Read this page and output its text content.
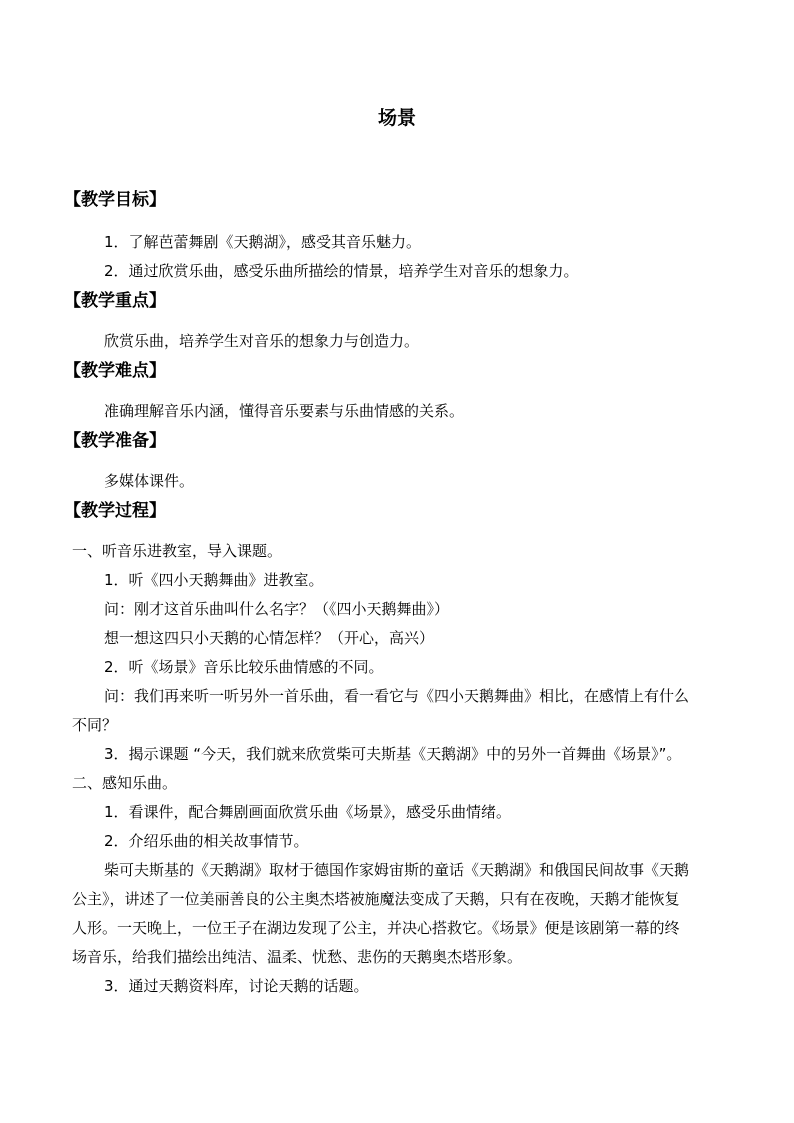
场景
【教学目标】
1．了解芭蕾舞剧《天鹅湖》，感受其音乐魅力。
2．通过欣赏乐曲，感受乐曲所描绘的情景，培养学生对音乐的想象力。
【教学重点】
欣赏乐曲，培养学生对音乐的想象力与创造力。
【教学难点】
准确理解音乐内涵，懂得音乐要素与乐曲情感的关系。
【教学准备】
多媒体课件。
【教学过程】
一、听音乐进教室，导入课题。
1．听《四小天鹅舞曲》进教室。
问：刚才这首乐曲叫什么名字？（《四小天鹅舞曲》）
想一想这四只小天鹅的心情怎样？（开心，高兴）
2．听《场景》音乐比较乐曲情感的不同。
问：我们再来听一听另外一首乐曲，看一看它与《四小天鹅舞曲》相比，在感情上有什么
不同？
3．揭示课题 “今天，我们就来欣赏柴可夫斯基《天鹅湖》中的另外一首舞曲《场景》”。
二、感知乐曲。
1．看课件，配合舞剧画面欣赏乐曲《场景》，感受乐曲情绪。
2．介绍乐曲的相关故事情节。
柴可夫斯基的《天鹅湖》取材于德国作家姆宙斯的童话《天鹅湖》和俄国民间故事《天鹅
公主》，讲述了一位美丽善良的公主奥杰塔被施魔法变成了天鹅，只有在夜晚，天鹅才能恢复
人形。一天晚上，一位王子在湖边发现了公主，并决心搭救它。《场景》便是该剧第一幕的终
场音乐，给我们描绘出纯洁、温柔、忧愁、悲伤的天鹅奥杰塔形象。
3．通过天鹅资料库，讨论天鹅的话题。
